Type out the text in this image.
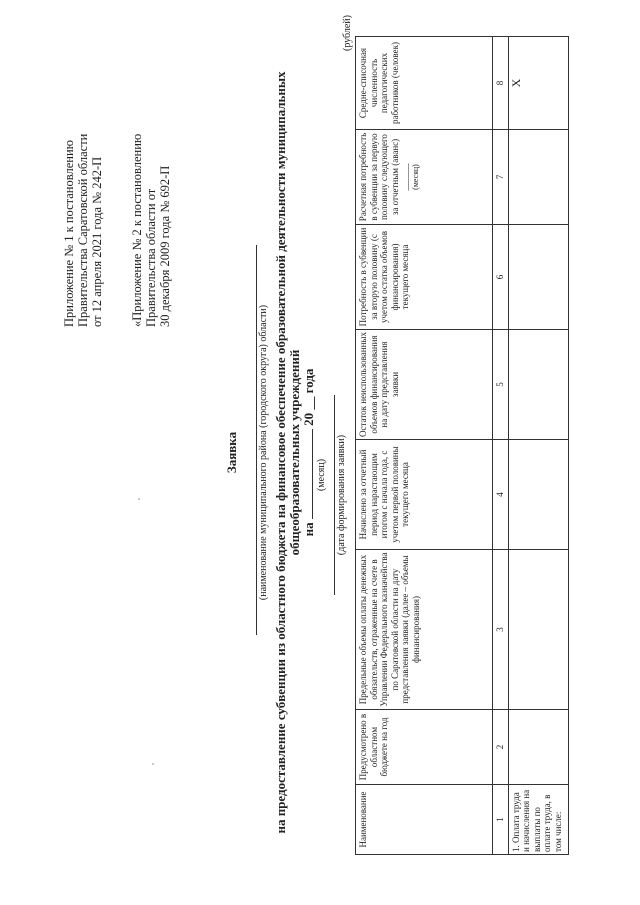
Приложение № 1 к постановлению Правительства Саратовской области от 12 апреля 2021 года № 242-П «Приложение № 2 к постановлению Правительства области от 30 декабря 2009 года № 692-П
Заявка (наименование муниципального района (городского округа) области) на предоставление субвенции из областного бюджета на финансовое обеспечение образовательной деятельности муниципальных общеобразовательных учреждений на  20 __ года
(месяц) (дата формирования заявки)
(рублей)
Наименование	Предусмотрено в областном бюджете на год	Предельные объемы оплаты денежных обязательств, отраженные на счете в Управлении Федерального казначейства по Саратовской области на дату представления заявки (далее – объемы финансирования)	Начислено за отчетный период нарастающим итогом с начала года, с учетом первой половины текущего месяца	Остаток неиспользованных объемов финансирования на дату представления заявки	Потребность в субвенции за вторую половину (с учетом остатка объемов финансирования) текущего месяца	Расчетная потребность в субвенции за первую половину следующего за отчетным (аванс) ______ (месяц)	Средне-списочная численность педагогических работников (человек)
1	2	3	4	5	6	7	8
1. Оплата труда и начисления на выплаты по оплате труда, в том числе:							Х
